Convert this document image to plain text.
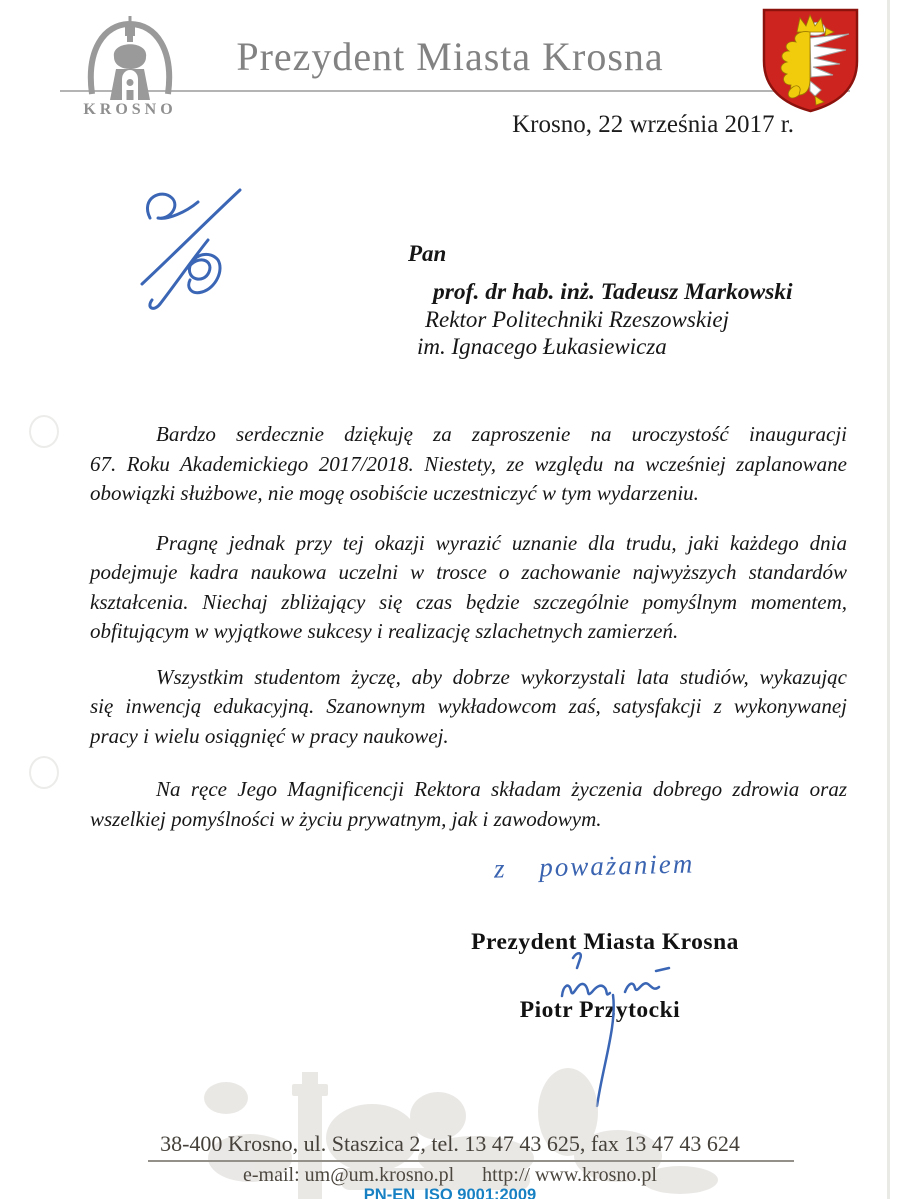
KROSNO
Prezydent Miasta Krosna
Krosno, 22 września 2017 r.
Pan
prof. dr hab. inż. Tadeusz Markowski
Rektor Politechniki Rzeszowskiej
im. Ignacego Łukasiewicza
Bardzo serdecznie dziękuję za zaproszenie na uroczystość inauguracji
67. Roku Akademickiego 2017/2018. Niestety, ze względu na wcześniej zaplanowane
obowiązki służbowe, nie mogę osobiście uczestniczyć w tym wydarzeniu.
Pragnę jednak przy tej okazji wyrazić uznanie dla trudu, jaki każdego dnia
podejmuje kadra naukowa uczelni w trosce o zachowanie najwyższych standardów
kształcenia. Niechaj zbliżający się czas będzie szczególnie pomyślnym momentem,
obfitującym w wyjątkowe sukcesy i realizację szlachetnych zamierzeń.
Wszystkim studentom życzę, aby dobrze wykorzystali lata studiów, wykazując
się inwencją edukacyjną. Szanownym wykładowcom zaś, satysfakcji z wykonywanej
pracy i wielu osiągnięć w pracy naukowej.
Na ręce Jego Magnificencji Rektora składam życzenia dobrego zdrowia oraz
wszelkiej pomyślności w życiu prywatnym, jak i zawodowym.
z poważaniem
Prezydent Miasta Krosna
Piotr Przytocki
38-400 Krosno, ul. Staszica 2, tel. 13 47 43 625, fax 13 47 43 624
e-mail: um@um.krosno.pl http:// www.krosno.pl
PN-EN  ISO 9001:2009
